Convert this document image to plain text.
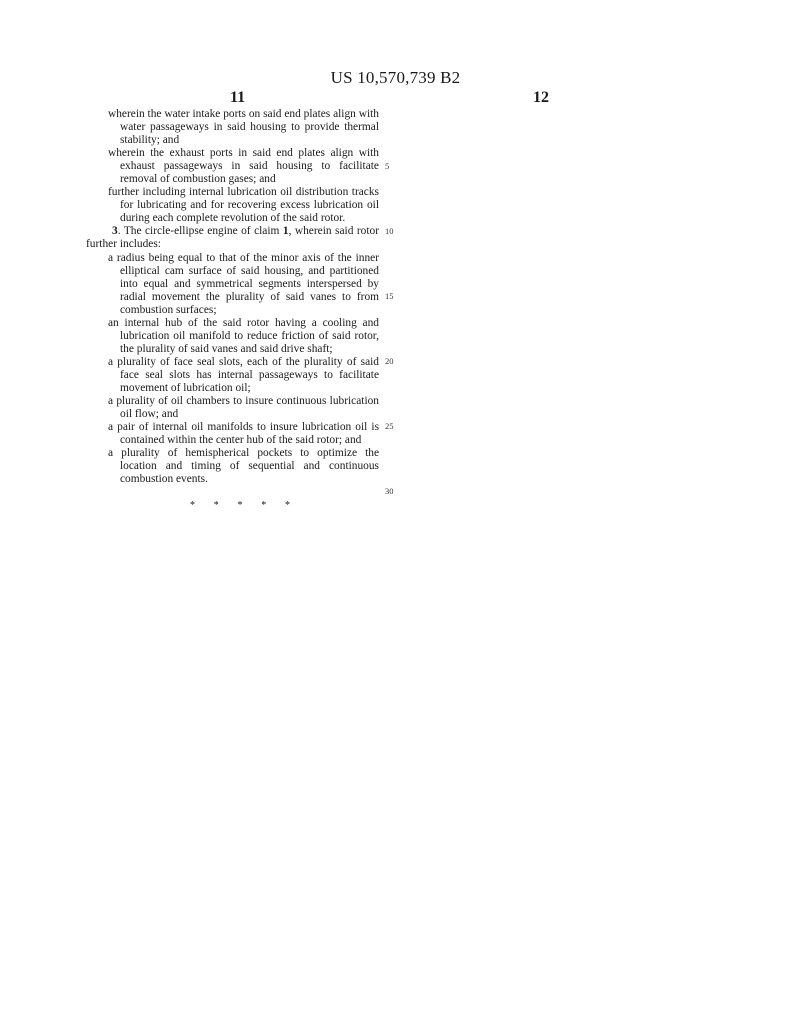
US 10,570,739 B2
11	12
wherein the water intake ports on said end plates align with water passageways in said housing to provide thermal stability; and
wherein the exhaust ports in said end plates align with exhaust passageways in said housing to facilitate removal of combustion gases; and
further including internal lubrication oil distribution tracks for lubricating and for recovering excess lubrication oil during each complete revolution of the said rotor.
3. The circle-ellipse engine of claim 1, wherein said rotor further includes:
a radius being equal to that of the minor axis of the inner elliptical cam surface of said housing, and partitioned into equal and symmetrical segments interspersed by radial movement the plurality of said vanes to from combustion surfaces;
an internal hub of the said rotor having a cooling and lubrication oil manifold to reduce friction of said rotor, the plurality of said vanes and said drive shaft;
a plurality of face seal slots, each of the plurality of said face seal slots has internal passageways to facilitate movement of lubrication oil;
a plurality of oil chambers to insure continuous lubrication oil flow; and
a pair of internal oil manifolds to insure lubrication oil is contained within the center hub of the said rotor; and
a plurality of hemispherical pockets to optimize the location and timing of sequential and continuous combustion events.
5
10
15
20
25
30
* * * * *
